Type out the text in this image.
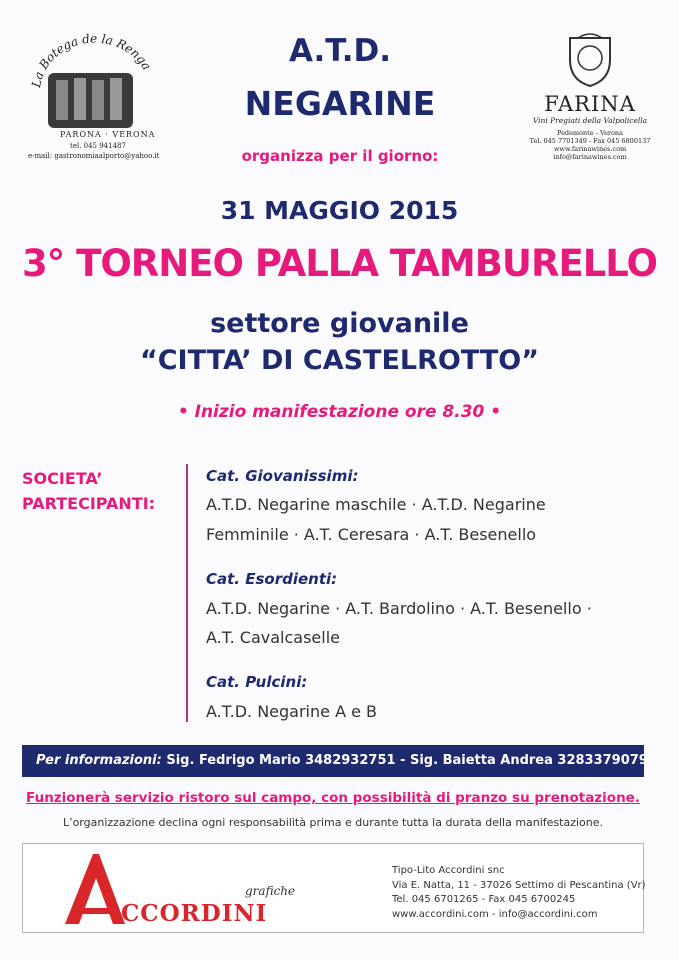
La Botega de la Renga
PARONA · VERONA
tel. 045 941487
e-mail: gastronomiaalporto@yahoo.it
FARINA
Vini Pregiati della Valpolicella
Pedemonte - Verona
Tel. 045 7701349 - Fax 045 6800137
www.farinawines.com
info@farinawines.com
A.T.D.
NEGARINE
organizza per il giorno:
31 MAGGIO 2015
3° TORNEO PALLA TAMBURELLO
settore giovanile
“CITTA’ DI CASTELROTTO”
• Inizio manifestazione ore 8.30 •
SOCIETA’
PARTECIPANTI:
Cat. Giovanissimi:
A.T.D. Negarine maschile · A.T.D. Negarine
Femminile · A.T. Ceresara · A.T. Besenello
Cat. Esordienti:
A.T.D. Negarine · A.T. Bardolino · A.T. Besenello ·
A.T. Cavalcaselle
Cat. Pulcini:
A.T.D. Negarine A e B
Per informazioni: Sig. Fedrigo Mario 3482932751 - Sig. Baietta Andrea 3283379079
Funzionerà servizio ristoro sul campo, con possibilità di pranzo su prenotazione.
L’organizzazione declina ogni responsabilità prima e durante tutta la durata della manifestazione.
grafiche
CCORDINI
Tipo-Lito Accordini snc
Via E. Natta, 11 - 37026 Settimo di Pescantina (Vr)
Tel. 045 6701265 - Fax 045 6700245
www.accordini.com - info@accordini.com
